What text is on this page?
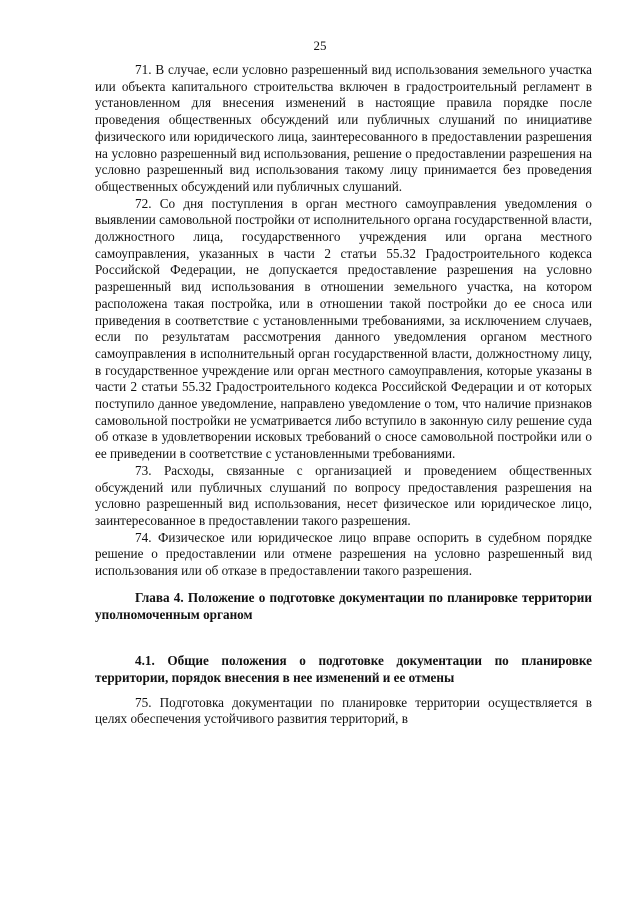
25

71. В случае, если условно разрешенный вид использования земельного участка или объекта капитального строительства включен в градостроительный регламент в установленном для внесения изменений в настоящие правила порядке после проведения общественных обсуждений или публичных слушаний по инициативе физического или юридического лица, заинтересованного в предоставлении разрешения на условно разрешенный вид использования, решение о предоставлении разрешения на условно разрешенный вид использования такому лицу принимается без проведения общественных обсуждений или публичных слушаний.

72. Со дня поступления в орган местного самоуправления уведомления о выявлении самовольной постройки от исполнительного органа государственной власти, должностного лица, государственного учреждения или органа местного самоуправления, указанных в части 2 статьи 55.32 Градостроительного кодекса Российской Федерации, не допускается предоставление разрешения на условно разрешенный вид использования в отношении земельного участка, на котором расположена такая постройка, или в отношении такой постройки до ее сноса или приведения в соответствие с установленными требованиями, за исключением случаев, если по результатам рассмотрения данного уведомления органом местного самоуправления в исполнительный орган государственной власти, должностному лицу, в государственное учреждение или орган местного самоуправления, которые указаны в части 2 статьи 55.32 Градостроительного кодекса Российской Федерации и от которых поступило данное уведомление, направлено уведомление о том, что наличие признаков самовольной постройки не усматривается либо вступило в законную силу решение суда об отказе в удовлетворении исковых требований о сносе самовольной постройки или о ее приведении в соответствие с установленными требованиями.

73. Расходы, связанные с организацией и проведением общественных обсуждений или публичных слушаний по вопросу предоставления разрешения на условно разрешенный вид использования, несет физическое или юридическое лицо, заинтересованное в предоставлении такого разрешения.

74. Физическое или юридическое лицо вправе оспорить в судебном порядке решение о предоставлении или отмене разрешения на условно разрешенный вид использования или об отказе в предоставлении такого разрешения.

Глава 4. Положение о подготовке документации по планировке территории уполномоченным органом

4.1. Общие положения о подготовке документации по планировке территории, порядок внесения в нее изменений и ее отмены

75. Подготовка документации по планировке территории осуществляется в целях обеспечения устойчивого развития территорий, в
